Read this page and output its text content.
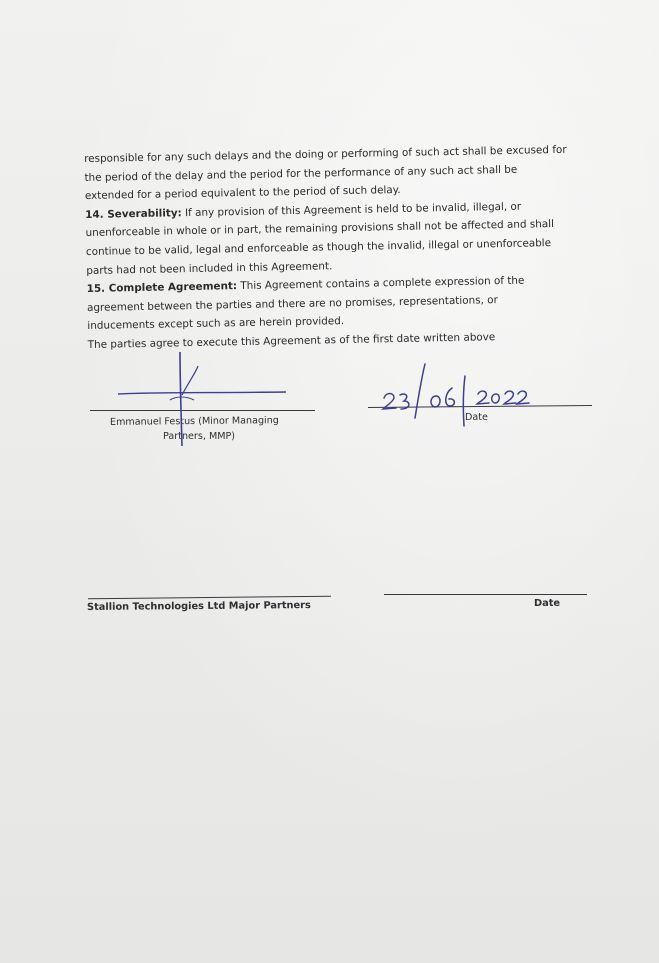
responsible for any such delays and the doing or performing of such act shall be excused for

the period of the delay and the period for the performance of any such act shall be

extended for a period equivalent to the period of such delay.

14. Severability: If any provision of this Agreement is held to be invalid, illegal, or

unenforceable in whole or in part, the remaining provisions shall not be affected and shall

continue to be valid, legal and enforceable as though the invalid, illegal or unenforceable

parts had not been included in this Agreement.

15. Complete Agreement: This Agreement contains a complete expression of the

agreement between the parties and there are no promises, representations, or

inducements except such as are herein provided.

The parties agree to execute this Agreement as of the first date written above

Emmanuel Festus (Minor Managing
Partners, MMP)
Date
Stallion Technologies Ltd Major Partners	Date
